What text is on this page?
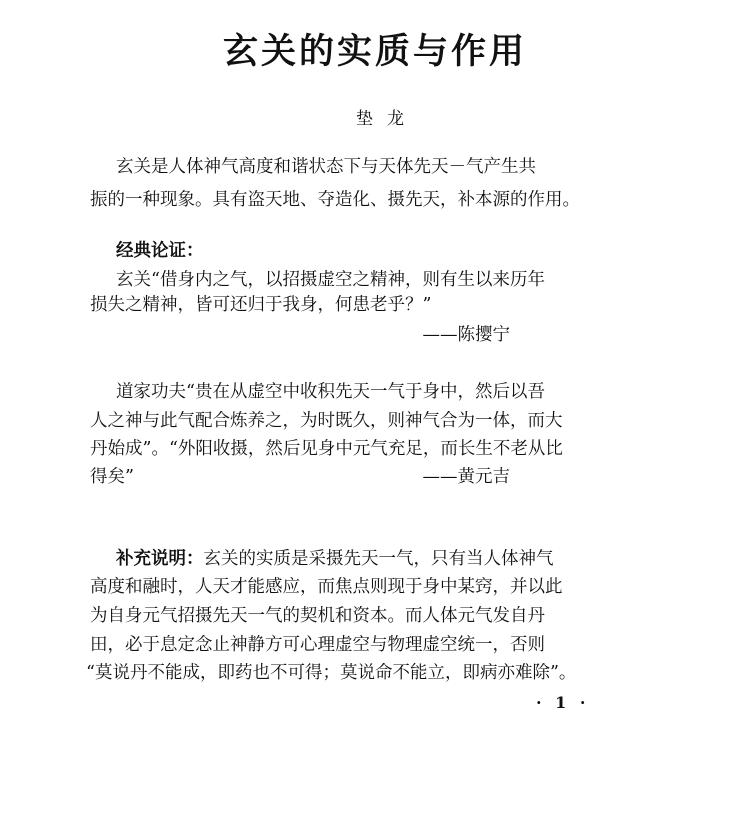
玄关的实质与作用
垫龙
玄关是人体神气高度和谐状态下与天体先天－气产生共
振的一种现象。具有盗天地、夺造化、摄先天，补本源的作用。
经典论证：
玄关“借身内之气，以招摄虚空之精神，则有生以来历年
损失之精神，皆可还归于我身，何患老乎？”
——陈撄宁
道家功夫“贵在从虚空中收积先天一气于身中，然后以吾
人之神与此气配合炼养之，为时既久，则神气合为一体，而大
丹始成”。“外阳收摄，然后见身中元气充足，而长生不老从比
得矣”	——黄元吉
补充说明：玄关的实质是采摄先天一气，只有当人体神气
高度和融时，人天才能感应，而焦点则现于身中某窍，并以此
为自身元气招摄先天一气的契机和资本。而人体元气发自丹
田，必于息定念止神静方可心理虚空与物理虚空统一，否则
“莫说丹不能成，即药也不可得；莫说命不能立，即病亦难除”。
· 1 ·
